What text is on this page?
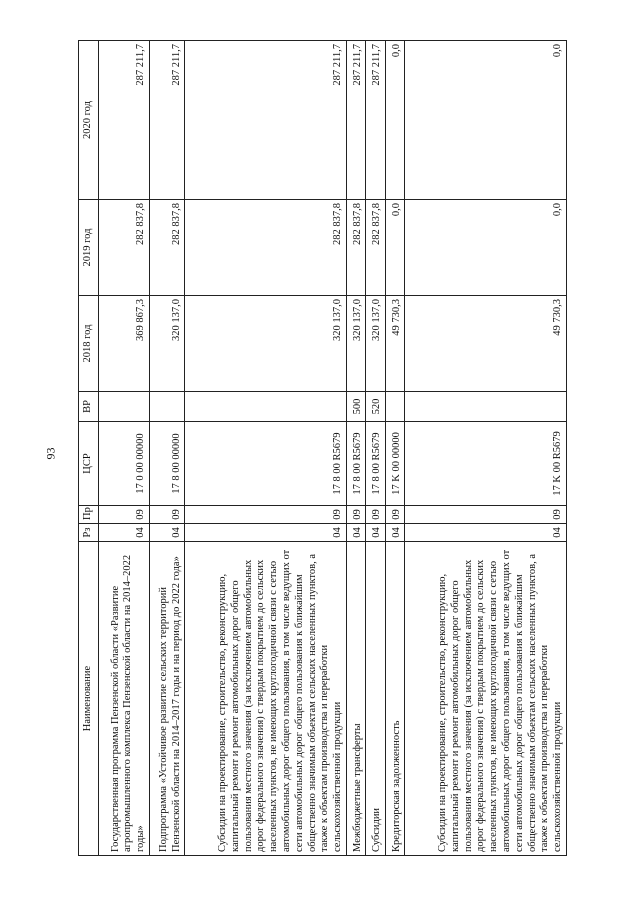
93
Наименование	Рз	Пр	ЦСР	ВР	2018 год	2019 год	2020 год
Государственная программа Пензенской области «Развитие агропромышленного комплекса Пензенской области на 2014–2022 годы»	04	09	17 0 00 00000		369 867,3	282 837,8	287 211,7
Подпрограмма «Устойчивое развитие сельских территорий Пензенской области на 2014–2017 годы и на период до 2022 года»	04	09	17 8 00 00000		320 137,0	282 837,8	287 211,7
Субсидии на проектирование, строительство, реконструкцию, капитальный ремонт и ремонт автомобильных дорог общего пользования местного значения (за исключением автомобильных дорог федерального значения) с твердым покрытием до сельских населенных пунктов, не имеющих круглогодичной связи с сетью автомобильных дорог общего пользования, в том числе ведущих от сети автомобильных дорог общего пользования к ближайшим общественно значимым объектам сельских населенных пунктов, а также к объектам производства и переработки сельскохозяйственной продукции	04	09	17 8 00 R5679		320 137,0	282 837,8	287 211,7
Межбюджетные трансферты	04	09	17 8 00 R5679	500	320 137,0	282 837,8	287 211,7
Субсидии	04	09	17 8 00 R5679	520	320 137,0	282 837,8	287 211,7
Кредиторская задолженность	04	09	17 K 00 00000		49 730,3	0,0	0,0
Субсидии на проектирование, строительство, реконструкцию, капитальный ремонт и ремонт автомобильных дорог общего пользования местного значения (за исключением автомобильных дорог федерального значения) с твердым покрытием до сельских населенных пунктов, не имеющих круглогодичной связи с сетью автомобильных дорог общего пользования, в том числе ведущих от сети автомобильных дорог общего пользования к ближайшим общественно значимым объектам сельских населенных пунктов, а также к объектам производства и переработки сельскохозяйственной продукции	04	09	17 K 00 R5679		49 730,3	0,0	0,0
